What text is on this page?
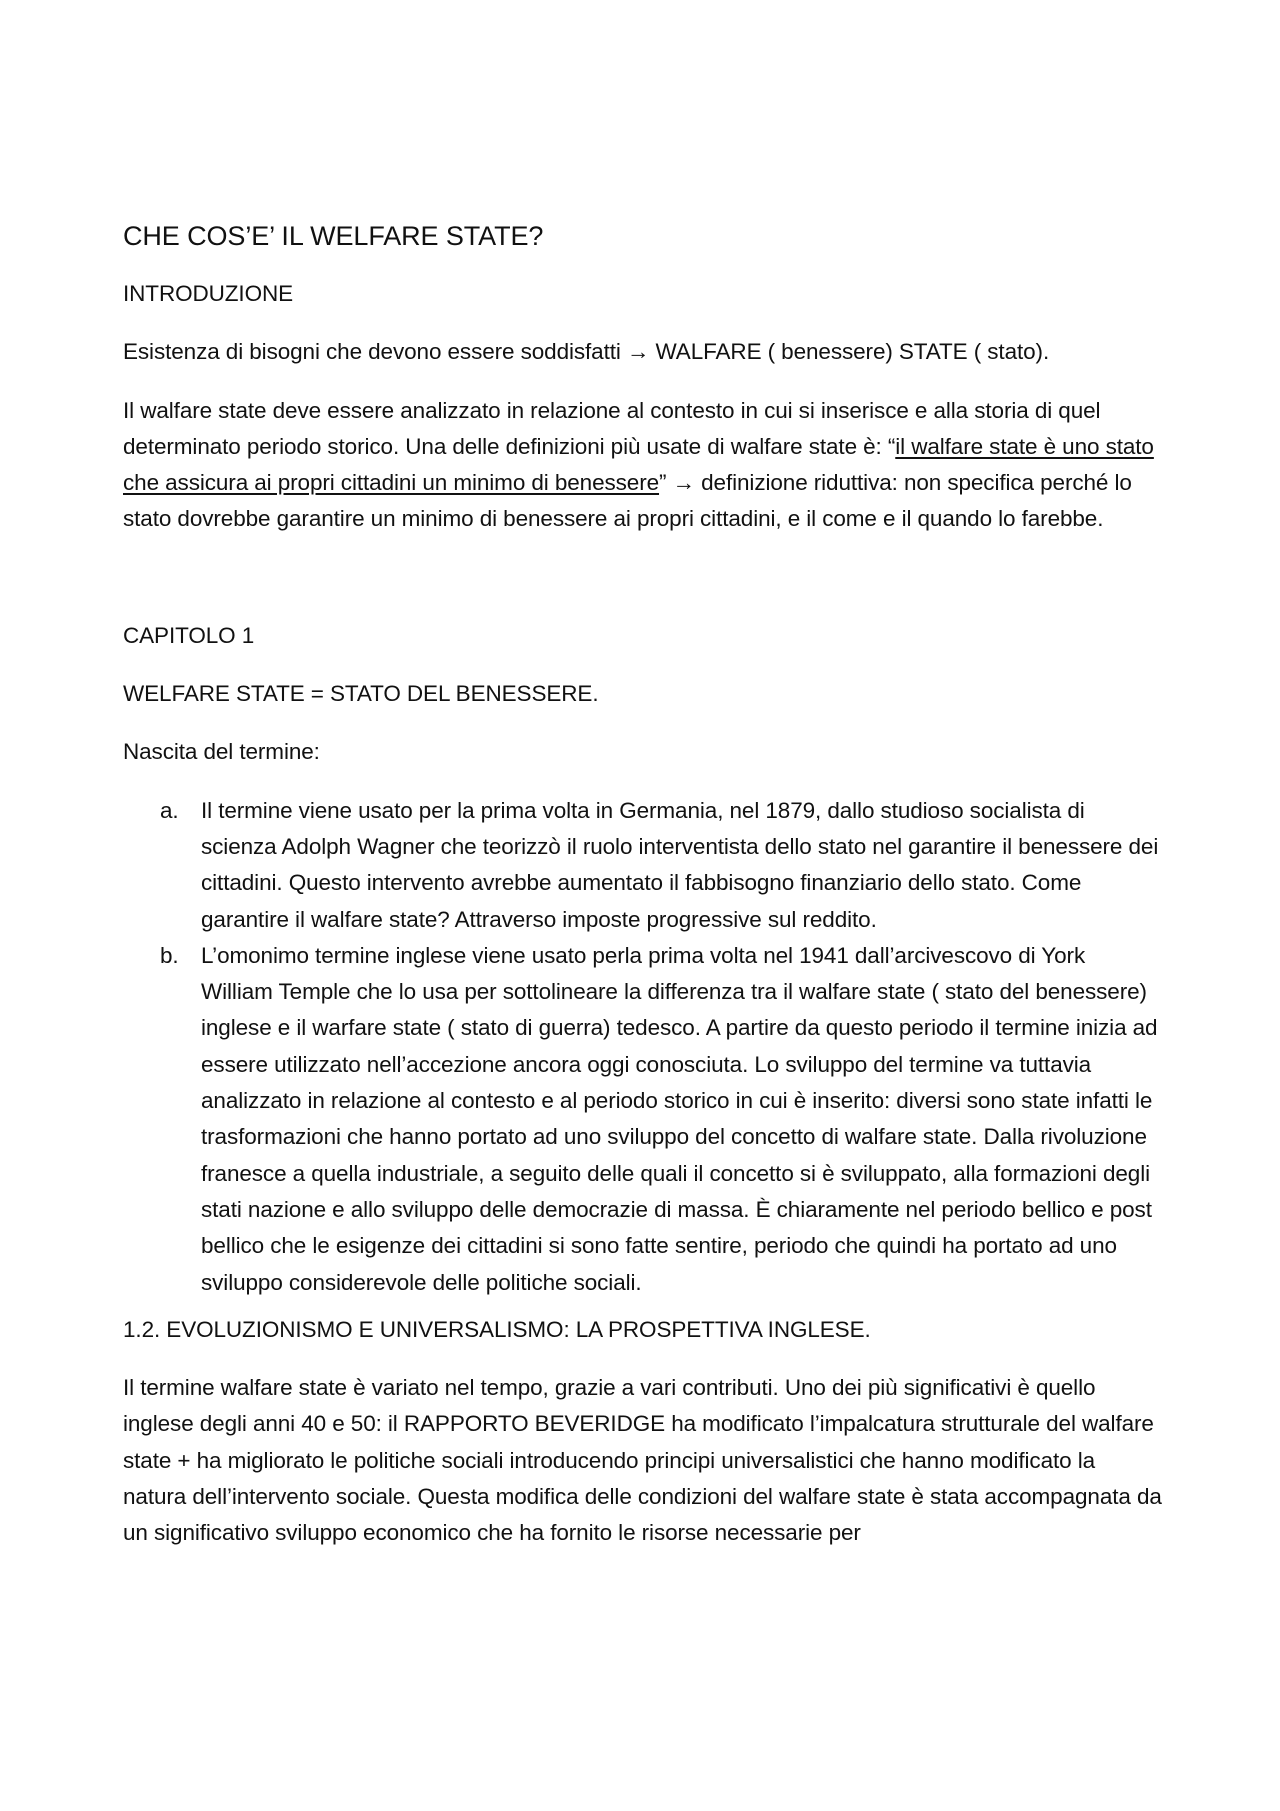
CHE COS’E’ IL WELFARE STATE?

INTRODUZIONE

Esistenza di bisogni che devono essere soddisfatti → WALFARE ( benessere) STATE ( stato).

Il walfare state deve essere analizzato in relazione al contesto in cui si inserisce e alla storia di quel determinato periodo storico. Una delle definizioni più usate di walfare state è: “il walfare state è uno stato che assicura ai propri cittadini un minimo di benessere” → definizione riduttiva: non specifica perché lo stato dovrebbe garantire un minimo di benessere ai propri cittadini, e il come e il quando lo farebbe.

CAPITOLO 1

WELFARE STATE = STATO DEL BENESSERE.

Nascita del termine:

a. Il termine viene usato per la prima volta in Germania, nel 1879, dallo studioso socialista di scienza Adolph Wagner che teorizzò il ruolo interventista dello stato nel garantire il benessere dei cittadini. Questo intervento avrebbe aumentato il fabbisogno finanziario dello stato. Come garantire il walfare state? Attraverso imposte progressive sul reddito.
b. L’omonimo termine inglese viene usato perla prima volta nel 1941 dall’arcivescovo di York William Temple che lo usa per sottolineare la differenza tra il walfare state ( stato del benessere) inglese e il warfare state ( stato di guerra) tedesco. A partire da questo periodo il termine inizia ad essere utilizzato nell’accezione ancora oggi conosciuta. Lo sviluppo del termine va tuttavia analizzato in relazione al contesto e al periodo storico in cui è inserito: diversi sono state infatti le trasformazioni che hanno portato ad uno sviluppo del concetto di walfare state. Dalla rivoluzione franesce a quella industriale, a seguito delle quali il concetto si è sviluppato, alla formazioni degli stati nazione e allo sviluppo delle democrazie di massa. È chiaramente nel periodo bellico e post bellico che le esigenze dei cittadini si sono fatte sentire, periodo che quindi ha portato ad uno sviluppo considerevole delle politiche sociali.

1.2. EVOLUZIONISMO E UNIVERSALISMO: LA PROSPETTIVA INGLESE.

Il termine walfare state è variato nel tempo, grazie a vari contributi. Uno dei più significativi è quello inglese degli anni 40 e 50: il RAPPORTO BEVERIDGE ha modificato l’impalcatura strutturale del walfare state + ha migliorato le politiche sociali introducendo principi universalistici che hanno modificato la natura dell’intervento sociale. Questa modifica delle condizioni del walfare state è stata accompagnata da un significativo sviluppo economico che ha fornito le risorse necessarie per
